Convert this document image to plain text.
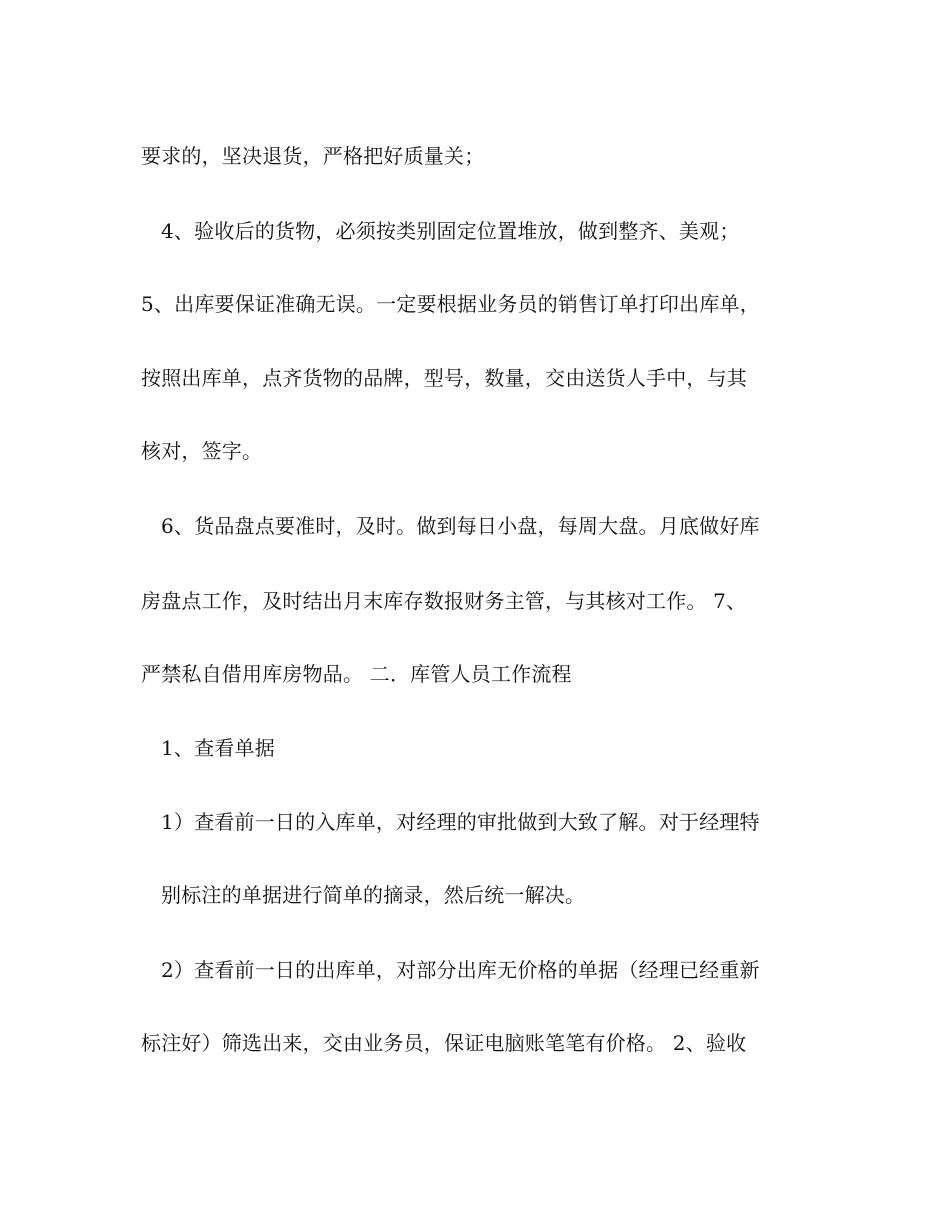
要求的，坚决退货，严格把好质量关；
4、验收后的货物，必须按类别固定位置堆放，做到整齐、美观；
5、出库要保证准确无误。一定要根据业务员的销售订单打印出库单，
按照出库单，点齐货物的品牌，型号，数量，交由送货人手中，与其
核对，签字。
6、货品盘点要准时，及时。做到每日小盘，每周大盘。月底做好库
房盘点工作，及时结出月末库存数报财务主管，与其核对工作。 7、
严禁私自借用库房物品。 二．库管人员工作流程
1、查看单据
1）查看前一日的入库单，对经理的审批做到大致了解。对于经理特
别标注的单据进行简单的摘录，然后统一解决。
2）查看前一日的出库单，对部分出库无价格的单据（经理已经重新
标注好）筛选出来，交由业务员，保证电脑账笔笔有价格。 2、验收
